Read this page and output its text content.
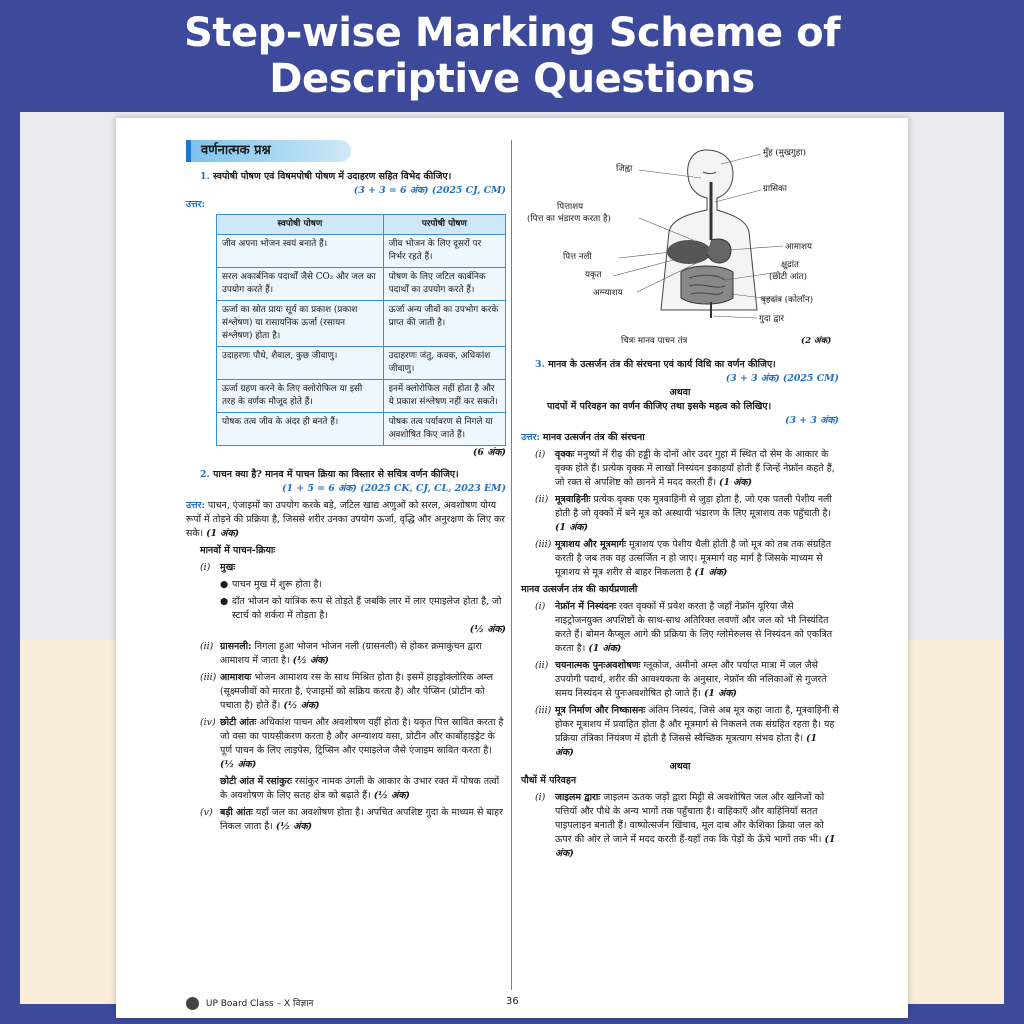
Step-wise Marking Scheme of
Descriptive Questions
वर्णनात्मक प्रश्न
1. स्वपोषी पोषण एवं विषमपोषी पोषण में उदाहरण सहित विभेद कीजिए।
(3 + 3 = 6 अंक) (2025 CJ, CM)
उत्तर:
स्वपोषी पोषण	परपोषी पोषण
जीव अपना भोजन स्वयं बनाते हैं।	जीव भोजन के लिए दूसरों पर निर्भर रहते हैं।
सरल अकार्बनिक पदार्थों जैसे CO₂ और जल का उपयोग करते हैं।	पोषण के लिए जटिल कार्बनिक पदार्थों का उपयोग करते हैं।
ऊर्जा का स्रोत प्रायः सूर्य का प्रकाश (प्रकाश संश्लेषण) या रासायनिक ऊर्जा (रसायन संश्लेषण) होता है।	ऊर्जा अन्य जीवों का उपभोग करके प्राप्त की जाती है।
उदाहरणः पौधे, शैवाल, कुछ जीवाणु।	उदाहरणः जंतु, कवक, अधिकांश जीवाणु।
ऊर्जा ग्रहण करने के लिए क्लोरोफिल या इसी तरह के वर्णक मौजूद होते हैं।	इनमें क्लोरोफिल नहीं होता है और ये प्रकाश संश्लेषण नहीं कर सकते।
पोषक तत्व जीव के अंदर ही बनते हैं।	पोषक तत्व पर्यावरण से निगले या अवशोषित किए जाते हैं।
(6 अंक)
2. पाचन क्या है? मानव में पाचन क्रिया का विस्तार से सचित्र वर्णन कीजिए।
(1 + 5 = 6 अंक) (2025 CK, CJ, CL, 2023 EM)
उत्तर: पाचन, एंजाइमों का उपयोग करके बड़े, जटिल खाद्य अणुओं को सरल, अवशोषण योग्य रूपों में तोड़ने की प्रक्रिया है, जिससे शरीर उनका उपयोग ऊर्जा, वृद्धि और अनुरक्षण के लिए कर सके। (1 अंक)
मानवों में पाचन-क्रियाः
(i)	मुखः
● पाचन मुख में शुरू होता है।
● दाँत भोजन को यांत्रिक रूप से तोड़ते हैं जबकि लार में लार एमाइलेज होता है, जो स्टार्च को शर्करा में तोड़ता है।
(½ अंक)
(ii) ग्रासनली: निगला हुआ भोजन भोजन नली (ग्रासनली) से होकर क्रमाकुंचन द्वारा आमाशय में जाता है। (½ अंक)
(iii) आमाशयः भोजन आमाशय रस के साथ मिश्रित होता है। इसमें हाइड्रोक्लोरिक अम्ल (सूक्ष्मजीवों को मारता है, एंजाइमों को सक्रिय करता है) और पेप्सिन (प्रोटीन को पचाता है) होते हैं। (½ अंक)
(iv) छोटी आंतः अधिकांश पाचन और अवशोषण यहीं होता है। यकृत पित्त स्रावित करता है जो वसा का पायसीकरण करता है और अग्न्याशय वसा, प्रोटीन और कार्बोहाइड्रेट के पूर्ण पाचन के लिए लाइपेस, ट्रिप्सिन और एमाइलेज जैसे एंजाइम स्रावित करता है। (½ अंक)
छोटी आंत में रसांकुरः रसांकुर नामक उंगली के आकार के उभार रक्त में पोषक तत्वों के अवशोषण के लिए सतह क्षेत्र को बढ़ाते हैं। (½ अंक)
(v) बड़ी आंतः यहाँ जल का अवशोषण होता है। अपचित अपशिष्ट गुदा के माध्यम से बाहर निकल जाता है। (½ अंक)
जिह्वा
मुँह (मुखगुहा)
ग्रासिका
पित्ताशय
(पित्त का भंडारण करता है)
पित्त नली
यकृत
अग्न्याशय
आमाशय
क्षुद्रांत
(छोटी आंत)
बृहदांत्र (कोलॉन)
गुदा द्वार
चित्रः मानव पाचन तंत्र	(2 अंक)
3. मानव के उत्सर्जन तंत्र की संरचना एवं कार्य विधि का वर्णन कीजिए।
(3 + 3 अंक) (2025 CM)
अथवा
पादपों में परिवहन का वर्णन कीजिए तथा इसके महत्व को लिखिए।
(3 + 3 अंक)
उत्तर: मानव उत्सर्जन तंत्र की संरचना
(i)	वृक्कः मनुष्यों में रीढ़ की हड्डी के दोनों ओर उदर गुहा में स्थित दो सेम के आकार के वृक्क होते हैं। प्रत्येक वृक्क में लाखों निस्यंदन इकाइयाँ होती हैं जिन्हें नेफ्रॉन कहते हैं, जो रक्त से अपशिष्ट को छानने में मदद करती हैं। (1 अंक)
(ii) मूत्रवाहिनीः प्रत्येक वृक्क एक मूत्रवाहिनी से जुड़ा होता है, जो एक पतली पेशीय नली होती है जो वृक्कों में बने मूत्र को अस्थायी भंडारण के लिए मूत्राशय तक पहुँचाती है। (1 अंक)
(iii) मूत्राशय और मूत्रमार्गः मूत्राशय एक पेशीय थैली होती है जो मूत्र को तब तक संग्रहित करती है जब तक वह उत्सर्जित न हो जाए। मूत्रमार्ग वह मार्ग है जिसके माध्यम से मूत्राशय से मूत्र शरीर से बाहर निकलता है (1 अंक)
मानव उत्सर्जन तंत्र की कार्यप्रणाली
(i)	नेफ्रॉन में निस्यंदनः रक्त वृक्कों में प्रवेश करता है जहाँ नेफ्रॉन यूरिया जैसे नाइट्रोजनयुक्त अपशिष्टों के साथ-साथ अतिरिक्त लवणों और जल को भी निस्यंदित करते हैं। बोमन कैप्सूल आगे की प्रक्रिया के लिए ग्लोमेरुलस से निस्यंदन को एकत्रित करता है। (1 अंक)
(ii) चयनात्मक पुनःअवशोषणः ग्लूकोज, अमीनो अम्ल और पर्याप्त मात्रा में जल जैसे उपयोगी पदार्थ, शरीर की आवश्यकता के अनुसार, नेफ्रॉन की नलिकाओं से गुजरते समय निस्यंदन से पुनःअवशोषित हो जाते हैं। (1 अंक)
(iii) मूत्र निर्माण और निष्कासनः अंतिम निस्यंद, जिसे अब मूत्र कहा जाता है, मूत्रवाहिनी से होकर मूत्राशय में प्रवाहित होता है और मूत्रमार्ग से निकलने तक संग्रहित रहता है। यह प्रक्रिया तंत्रिका नियंत्रण में होती है जिससे स्वैच्छिक मूत्रत्याग संभव होता है। (1 अंक)
अथवा
पौधों में परिवहन
(i)	जाइलम द्वाराः जाइलम ऊतक जड़ों द्वारा मिट्टी से अवशोषित जल और खनिजों को पत्तियों और पौधे के अन्य भागों तक पहुँचाता है। वाहिकाएँ और वाहिनियाँ सतत पाइपलाइन बनाती हैं। वाष्पोत्सर्जन खिंचाव, मूल दाब और केशिका क्रिया जल को ऊपर की ओर ले जाने में मदद करती हैं-यहाँ तक कि पेड़ों के ऊँचे भागों तक भी। (1 अंक)
UP Board Class – X विज्ञान	36
